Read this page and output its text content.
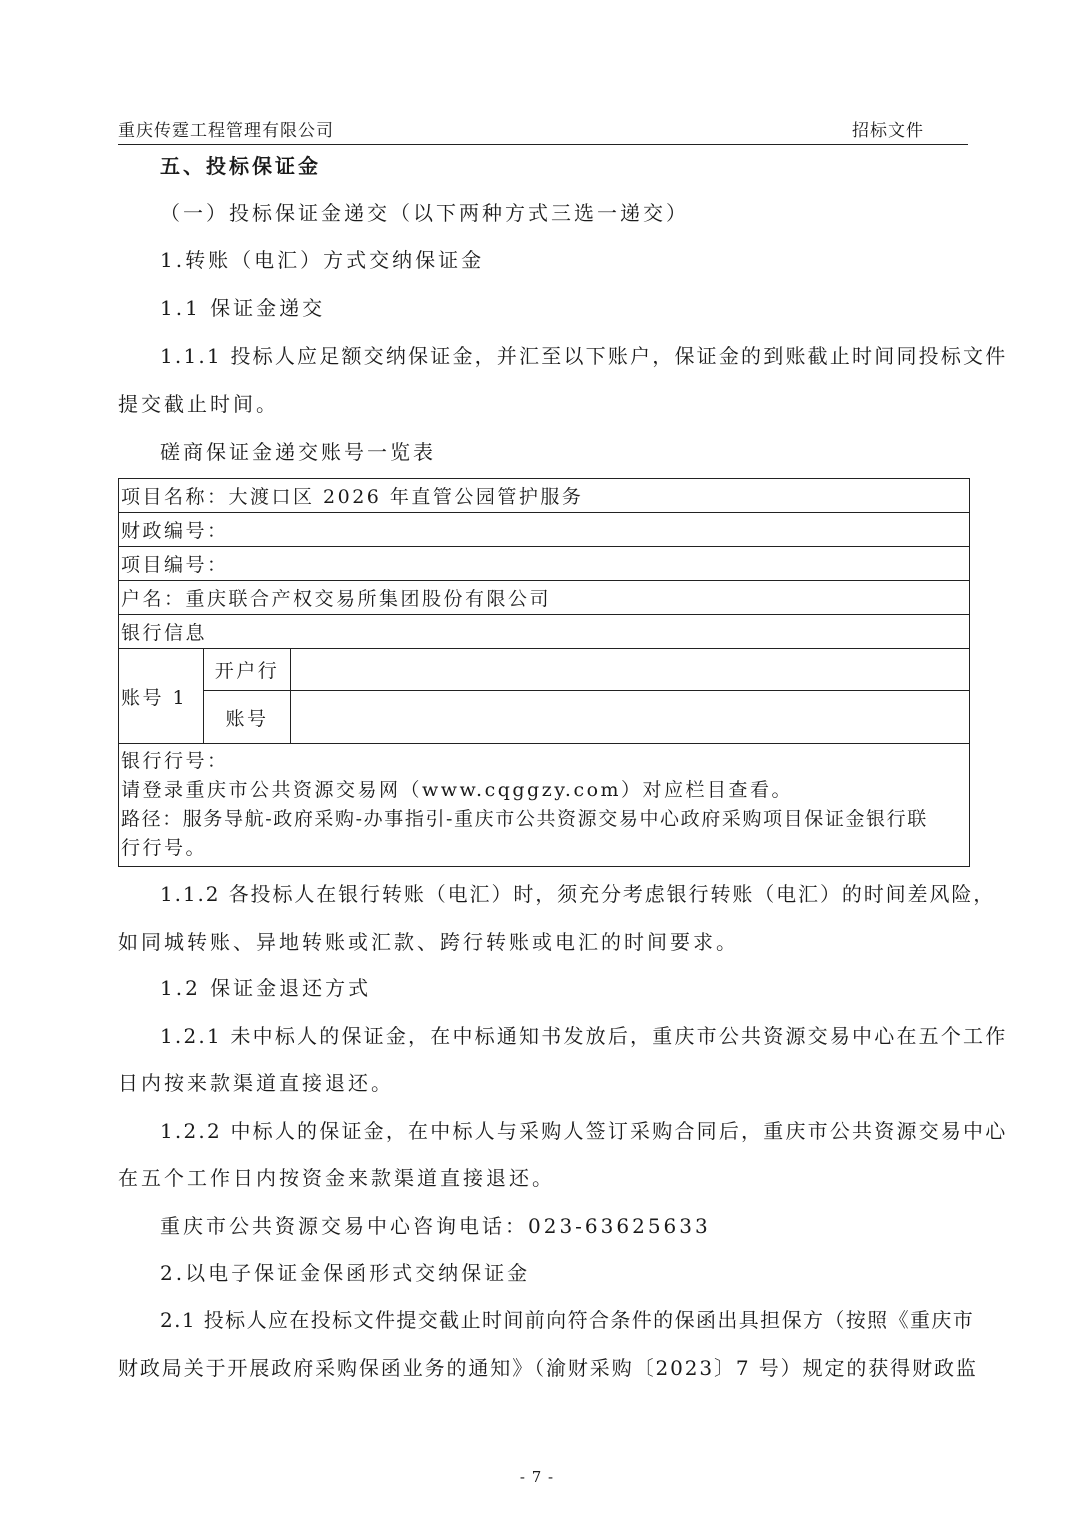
重庆传霆工程管理有限公司	招标文件
五、投标保证金
（一）投标保证金递交（以下两种方式三选一递交）
1.转账（电汇）方式交纳保证金
1.1 保证金递交
1.1.1 投标人应足额交纳保证金，并汇至以下账户，保证金的到账截止时间同投标文件
提交截止时间。
磋商保证金递交账号一览表
项目名称：大渡口区 2026 年直管公园管护服务		
财政编号：		
项目编号：		
户名：重庆联合产权交易所集团股份有限公司		
银行信息		
账号 1	开户行	
	账号	

银行行号：
请登录重庆市公共资源交易网（www.cqggzy.com）对应栏目查看。
路径：服务导航-政府采购-办事指引-重庆市公共资源交易中心政府采购项目保证金银行联
行行号。		
1.1.2 各投标人在银行转账（电汇）时，须充分考虑银行转账（电汇）的时间差风险，
如同城转账、异地转账或汇款、跨行转账或电汇的时间要求。
1.2 保证金退还方式
1.2.1 未中标人的保证金，在中标通知书发放后，重庆市公共资源交易中心在五个工作
日内按来款渠道直接退还。
1.2.2 中标人的保证金，在中标人与采购人签订采购合同后，重庆市公共资源交易中心
在五个工作日内按资金来款渠道直接退还。
重庆市公共资源交易中心咨询电话：023-63625633
2.以电子保证金保函形式交纳保证金
2.1 投标人应在投标文件提交截止时间前向符合条件的保函出具担保方（按照《重庆市
财政局关于开展政府采购保函业务的通知》（渝财采购〔2023〕7 号）规定的获得财政监
- 7 -
